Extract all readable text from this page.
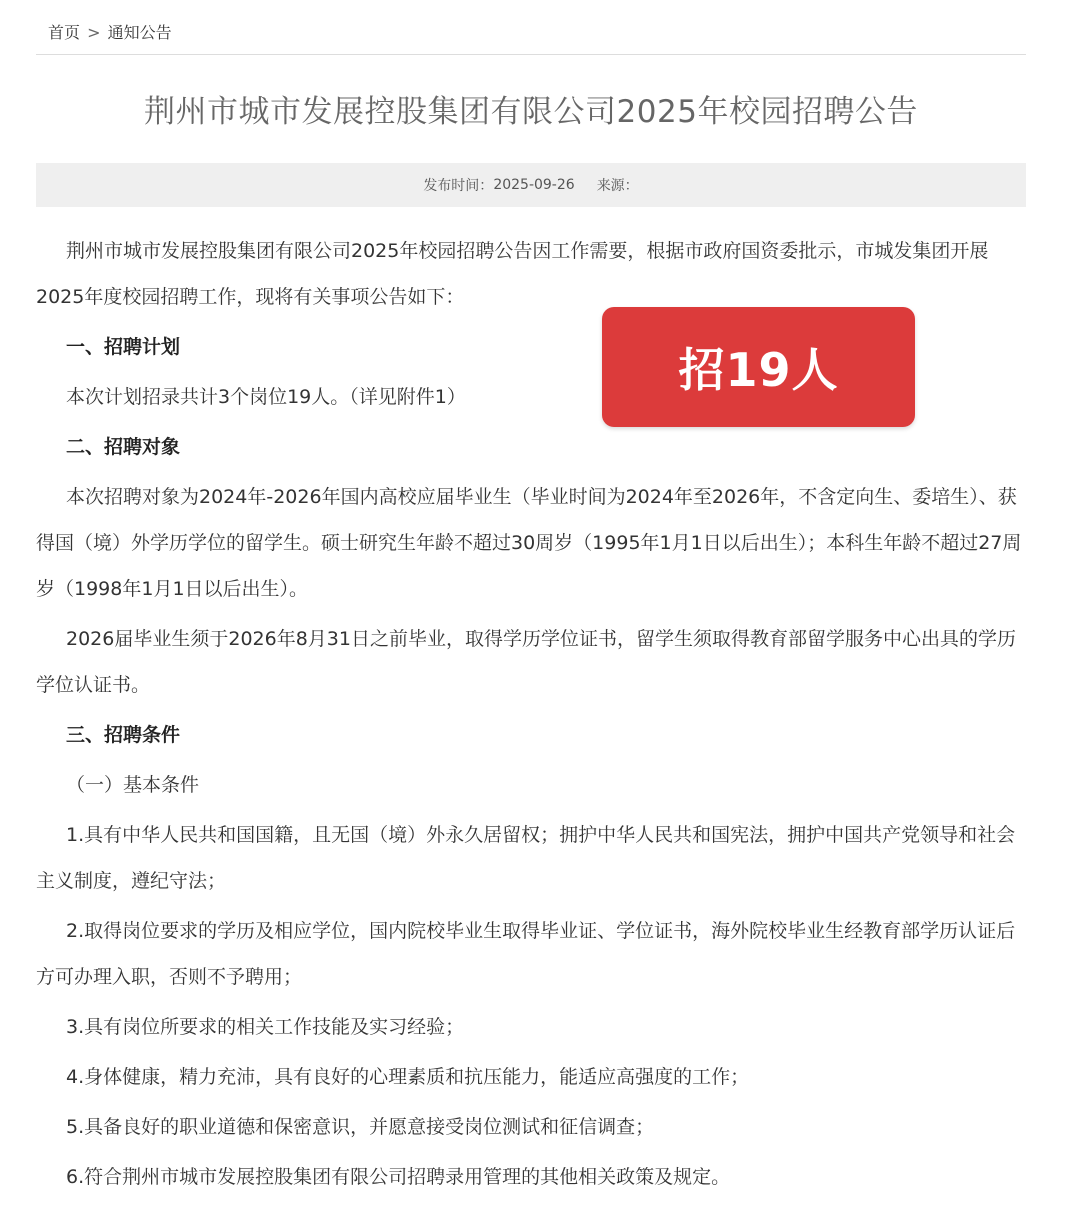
首页 > 通知公告
荆州市城市发展控股集团有限公司2025年校园招聘公告
发布时间： 2025-09-26 来源：

荆州市城市发展控股集团有限公司2025年校园招聘公告因工作需要，根据市政府国资委批示，市城发集团开展2025年度校园招聘工作，现将有关事项公告如下：

一、招聘计划

本次计划招录共计3个岗位19人。（详见附件1）

二、招聘对象

本次招聘对象为2024年-2026年国内高校应届毕业生（毕业时间为2024年至2026年，不含定向生、委培生）、获得国（境）外学历学位的留学生。硕士研究生年龄不超过30周岁（1995年1月1日以后出生）；本科生年龄不超过27周岁（1998年1月1日以后出生）。

2026届毕业生须于2026年8月31日之前毕业，取得学历学位证书，留学生须取得教育部留学服务中心出具的学历学位认证书。

三、招聘条件

（一）基本条件

1.具有中华人民共和国国籍，且无国（境）外永久居留权；拥护中华人民共和国宪法，拥护中国共产党领导和社会主义制度，遵纪守法；

2.取得岗位要求的学历及相应学位，国内院校毕业生取得毕业证、学位证书，海外院校毕业生经教育部学历认证后方可办理入职，否则不予聘用；

3.具有岗位所要求的相关工作技能及实习经验；

4.身体健康，精力充沛，具有良好的心理素质和抗压能力，能适应高强度的工作；

5.具备良好的职业道德和保密意识，并愿意接受岗位测试和征信调查；

6.符合荆州市城市发展控股集团有限公司招聘录用管理的其他相关政策及规定。

招19人
